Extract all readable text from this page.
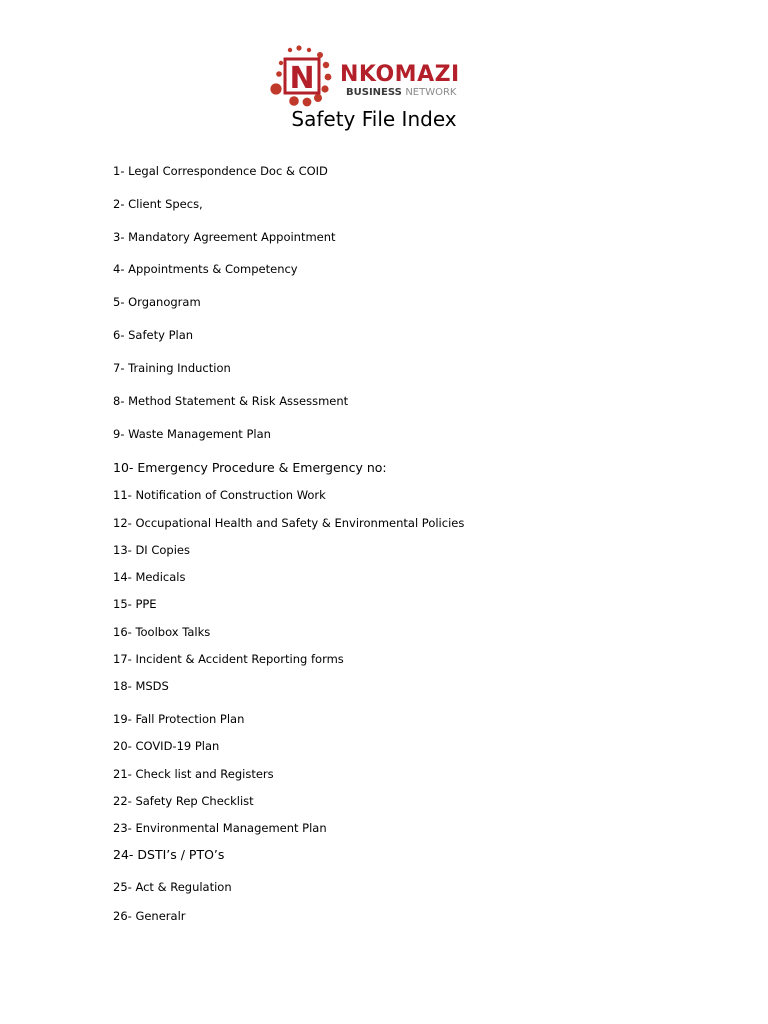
N NKOMAZI
BUSINESS NETWORK
Safety File Index
1- Legal Correspondence Doc & COID
2- Client Specs,
3- Mandatory Agreement Appointment
4- Appointments & Competency
5- Organogram
6- Safety Plan
7- Training Induction
8- Method Statement & Risk Assessment
9- Waste Management Plan
10- Emergency Procedure & Emergency no:
11- Notification of Construction Work
12- Occupational Health and Safety & Environmental Policies
13- DI Copies
14- Medicals
15- PPE
16- Toolbox Talks
17- Incident & Accident Reporting forms
18- MSDS
19- Fall Protection Plan
20- COVID-19 Plan
21- Check list and Registers
22- Safety Rep Checklist
23- Environmental Management Plan
24- DSTI’s / PTO’s
25- Act & Regulation
26- Generalr
